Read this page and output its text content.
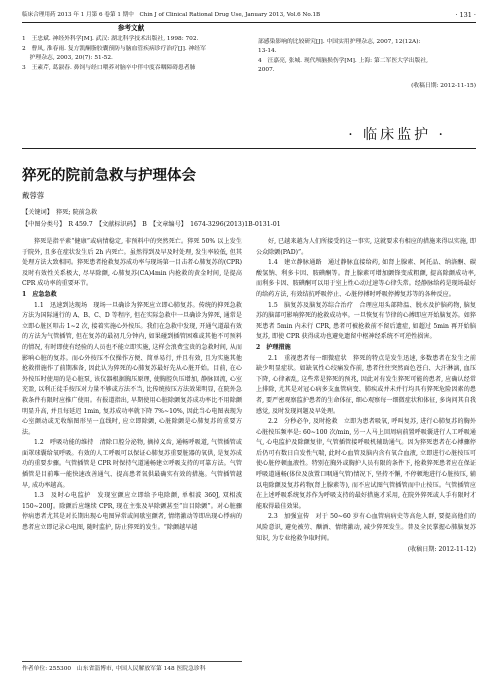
临床合理用药 2013 年 1 月第 6 卷第 1 期中　Chin J of Clinical Rational Drug Use, January 2013, Vol.6 No.1B	· 131 ·
参考文献
1　王忠斌. 神经外科学[M]. 武汉: 湖北科学技术出版社, 1998: 702.
2　曹凤, 淮春雨. 复方凯酮脂胶囊预防与脑血管疾病诊疗治疗[J]. 神经军
　 护理杂志, 2003, 20(7): 51-52.
3　王素芹, 葛淑春. 鼻饲与经口喂养对脑卒中伴中度吞咽障碍患者肺
部感染影响的比较研究[J]. 中国实用护理杂志, 2007, 12(12A):
13-14.
4　汪嘉亮, 张城. 现代颅脑损伤学[M]. 上海: 第二军医大学出版社,
2007.
(收稿日期: 2012-11-15)
· 临床监护 ·
猝死的院前急救与护理体会
戴蓉蓉
【关键词】　猝死; 院前急救
【中图分类号】　R 459.7　【文献标识码】　B　【文章编号】　1674-3296(2013)1B-0131-01

猝死是指平素“健康”或病情稳定, 非预料中的突然死亡。猝死 50% 以上发生于院外, 且多在症状发生后 2h 内死亡。虽然得到及早及时处理, 发生率较低, 但其处理方法大致相同。猝死患者抢救复苏成功率与现场第一目击者心肺复苏的(CPR)及时有效性关系极大, 尽早除颤, 心肺复苏(CA)4min 内抢救的黄金时间, 是提高 CPR 成功率的重要环节。

1　应急急救

1.1　迅速到达现场　现场一旦确诊为猝死应立即心肺复苏。传统的抑死急救方法为国际通行的 A、B、C、D 等程序, 但在实际急救中一旦确诊为猝死, 通常是立即心脏区叩击 1~2 次, 接着实施心外按压。我们在急救中发现, 开通气道最有效的方法为气管插管, 但在复苏的最初几分钟内, 如果碰到插管困难或其他不可预料的情况, 有时即使有经验的人员也不能立即实施, 这样会浪费宝贵的急救时间, 从而影响心脏的复苏。而心外按压不仅操作方便、简单易行, 并且有效, 且为实施其他抢救措施作了前期准备, 因此认为猝死的心肺复苏最好先从心脏开始。目前, 在心外按压时使用的是心脏泵, 该仪器根据胸压原理, 使胸腔负压增加, 静脉回流, 心室充盈, 以利正徒手按压对力量不够或方法不当, 比传统按压方法效果明显, 在院外急救条件有限时应推广使用。有报道指出, 早期使用心脏除颤复苏成功率比不用除颤明显升高, 并且每延迟 1min, 复苏成功率就下降 7%~10%, 因此当心电图表现为心室颤动或无收缩图形呈一直线时, 应立即除颤, 心脏除颤是心肺复苏的重要方法。

1.2　呼吸功能的维持　清除口腔分泌物, 摘掉义齿, 通畅呼吸道, 气管插管或面罩球囊给氧呼吸。有效的人工呼吸可以保证心肺复苏重要脏器的氧供, 是复苏成功的重要步骤。气管插管是 CPR 时保持气道通畅建立呼吸支持的可靠方法。气管插管是目前唯一能快速改善通气、提高患者氧供最确实有效的措施。气管插管越早, 成功率越高。

1.3　及时心电监护　发现室颤应立即给予电除颤, 单相波 360J, 双相波 150~200J。除颤后应继续 CPR, 现在主张及早除颤甚至“盲目除颤”。对心脏骤停病患者尤其是对长期出现心电图异常或间歇室颤者, 情绪激动等即出现心悸病的患者应立即记录心电图, 随时监护, 防止猝死的发生。“除颤越早越

好, 已越来越为人们所接受的这一事实, 这就要求有相应的措施来得以实施, 即公众除颤(PAD)”。

1.4　建立静脉通路　通过静脉直接给药, 如肾上腺素、阿托品、纳洛酮、碳酸氢钠、利多卡因、胺碘酮等。肾上腺素可增加颤锋变成粗颤, 提高除颤成功率, 而利多卡因、胺碘酮可以用于室上性心动过速等心律失常。经静脉给药是现场最好的给药方法, 有效结抗呼吸停止、心脏停搏时呼吸停搏复苏等的各种反应。

1.5　脑复苏及脑复苏综合治疗　合理应用头部降温、脱水及护脑药物, 脑复苏的脑部可影响猝死的抢救成功率。一旦恢复有节律的心搏即应开始脑复苏。如猝死患者 5min 内未行 CPR, 患者可被抢救前不留后遗症, 如超过 5min 再开始脑复苏, 即使 CPR 获得成功也避免遗留中枢神经系统不可逆性损害。

2　护理措施

2.1　重视患者每一细微症状　猝死的特点是发生迅速, 多数患者在发生之前缺少明显症状。如缺氧性心绞痛发作前, 患者往往突然面色苍白、大汗淋漓, 血压下降, 心律紊乱, 这些常是猝死的预兆, 因此对有发生猝死可能的患者, 应确认经常上排除, 尤其是对冠心病多支血管病变、肺疾或并未并行均具有猝死危险因素的患者, 要严密观察监护患者的生命体征, 细心观察每一细微症状和体征, 多询问其自我感觉, 及时发现问题及早处理。

2.2　分秒必争, 及时抢救　立即为患者吸氧, 呼叫复苏, 进行心肺复苏的胸外心脏按压频率是: 60~100 次/min, 另一人马上回周病前置呼吸囊进行人工呼吸通气, 心电监护及除颤复律, 气管插管接呼吸机辅助通气。因为猝死患者在心搏骤停后仍可有数日自发性气喘, 此时心血管及脑内含有氧合血液, 立即进行心脏按压可使心脏停顿血液性。特别在胸外或胸护人员有限的条件下, 抢救猝死患者应在保证呼吸道通畅(体位及放置口咽通气管)情况下, 坚持不懈, 不停顿地进行心脏按压, 辅以电除颤及复苏药物(肾上腺素等), 而不应试图气管插管而中止按压。气管插管应在上述呼吸系统复苏作为呼吸支持的最好措施才采用, 在院外猝死或人手有限时才能取得最佳效果。

2.3　加强宣传　对于 50~60 岁有心血管病病史等高危人群, 要提高他们的风险意识, 避免被劳、酗酒、情绪激动, 减少猝死发生。普及全民掌握心肺脑复苏知识, 为专业抢救争取时间。

(收稿日期: 2012-11-12)

作者单位: 255300　山东省淄博市, 中国人民解放军第 148 医院急诊科
